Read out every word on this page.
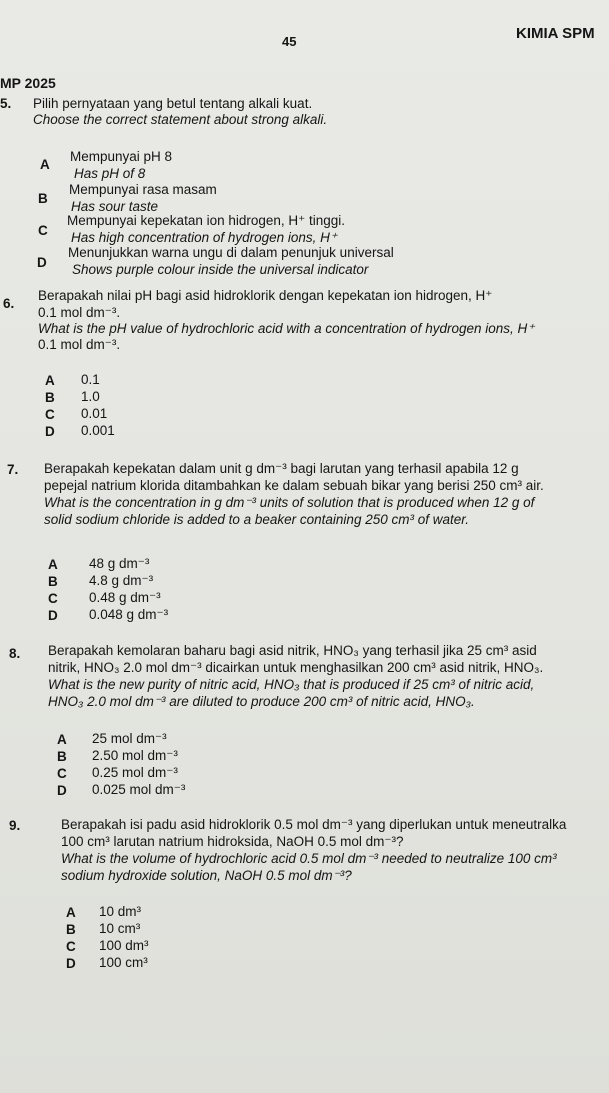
45	KIMIA SPM
MP 2025
5. Pilih pernyataan yang betul tentang alkali kuat.
Choose the correct statement about strong alkali.
A
Mempunyai pH 8
Has pH of 8
B
Mempunyai rasa masam
Has sour taste
C
Mempunyai kepekatan ion hidrogen, H⁺ tinggi.
Has high concentration of hydrogen ions, H⁺
D
Menunjukkan warna ungu di dalam penunjuk universal
Shows purple colour inside the universal indicator
6.
Berapakah nilai pH bagi asid hidroklorik dengan kepekatan ion hidrogen, H⁺
0.1 mol dm⁻³.
What is the pH value of hydrochloric acid with a concentration of hydrogen ions, H⁺
0.1 mol dm⁻³.
A 0.1
B 1.0
C 0.01
D 0.001
7. Berapakah kepekatan dalam unit g dm⁻³ bagi larutan yang terhasil apabila 12 g
pepejal natrium klorida ditambahkan ke dalam sebuah bikar yang berisi 250 cm³ air.
What is the concentration in g dm⁻³ units of solution that is produced when 12 g of
solid sodium chloride is added to a beaker containing 250 cm³ of water.
A 48 g dm⁻³
B 4.8 g dm⁻³
C 0.48 g dm⁻³
D 0.048 g dm⁻³
8. Berapakah kemolaran baharu bagi asid nitrik, HNO₃ yang terhasil jika 25 cm³ asid
nitrik, HNO₃ 2.0 mol dm⁻³ dicairkan untuk menghasilkan 200 cm³ asid nitrik, HNO₃.
What is the new purity of nitric acid, HNO₃ that is produced if 25 cm³ of nitric acid,
HNO₃ 2.0 mol dm⁻³ are diluted to produce 200 cm³ of nitric acid, HNO₃.
A 25 mol dm⁻³
B 2.50 mol dm⁻³
C 0.25 mol dm⁻³
D 0.025 mol dm⁻³
9.	Berapakah isi padu asid hidroklorik 0.5 mol dm⁻³ yang diperlukan untuk meneutralka
100 cm³ larutan natrium hidroksida, NaOH 0.5 mol dm⁻³?
What is the volume of hydrochloric acid 0.5 mol dm⁻³ needed to neutralize 100 cm³
sodium hydroxide solution, NaOH 0.5 mol dm⁻³?
A 10 dm³
B 10 cm³
C 100 dm³
D 100 cm³
